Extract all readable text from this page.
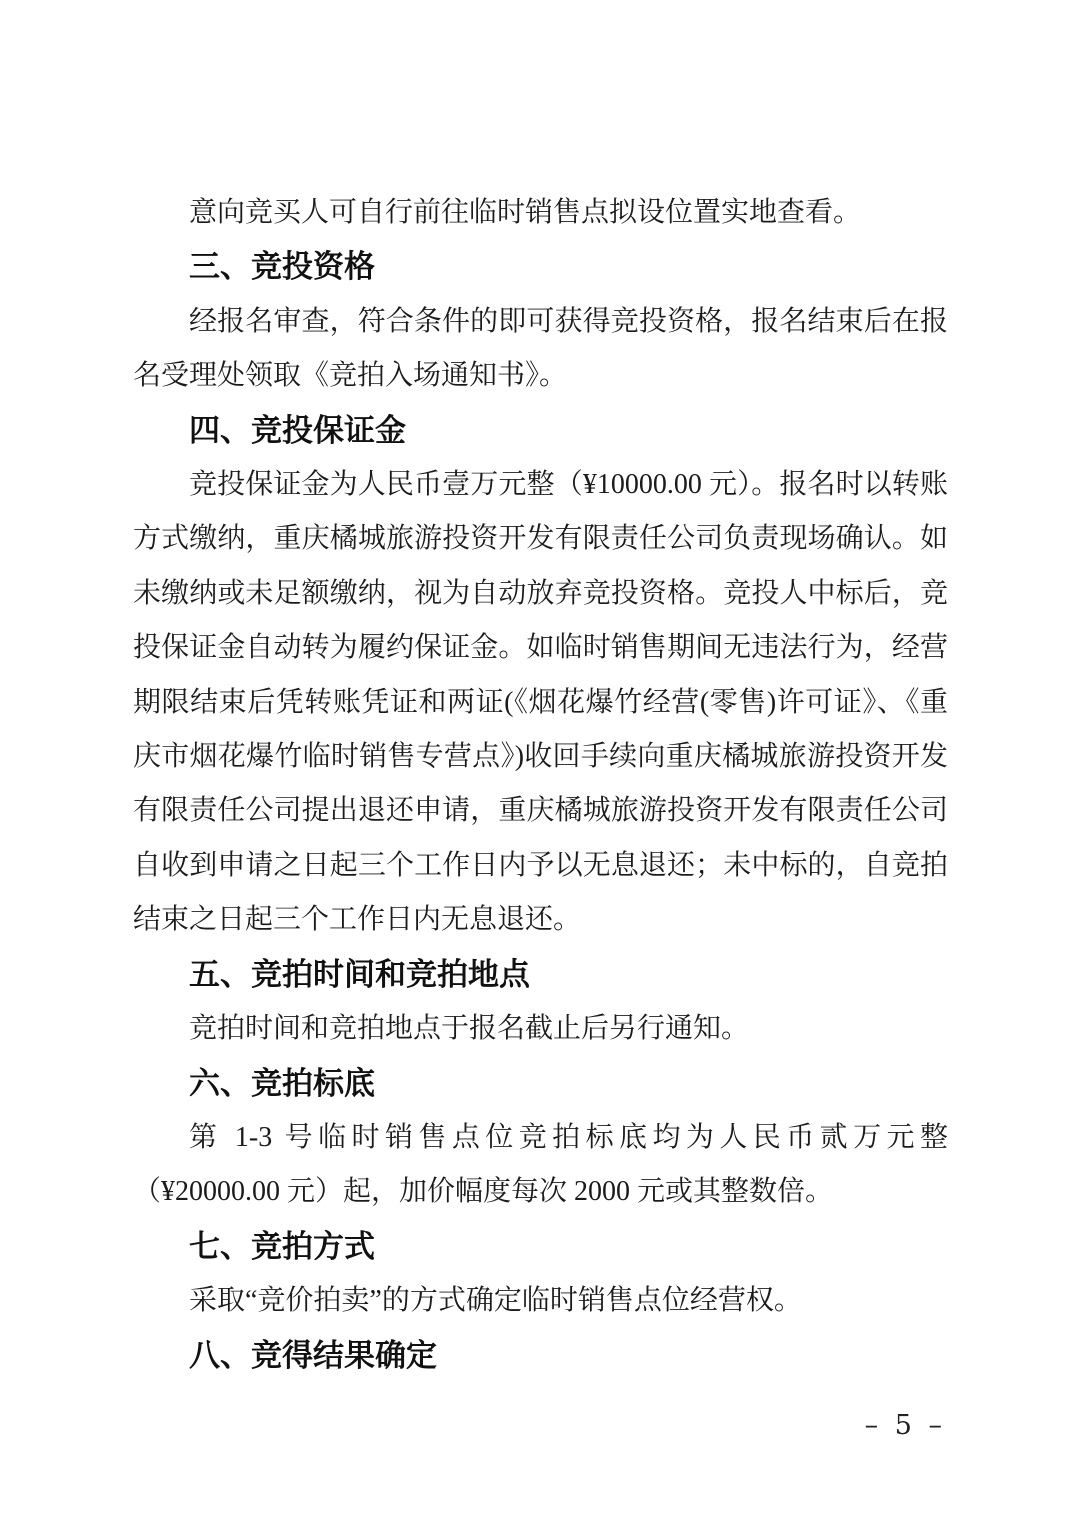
意向竞买人可自行前往临时销售点拟设位置实地查看。

三、竞投资格

经报名审查，符合条件的即可获得竞投资格，报名结束后在报名受理处领取《竞拍入场通知书》。

四、竞投保证金

竞投保证金为人民币壹万元整（¥10000.00 元）。报名时以转账方式缴纳，重庆橘城旅游投资开发有限责任公司负责现场确认。如未缴纳或未足额缴纳，视为自动放弃竞投资格。竞投人中标后，竞投保证金自动转为履约保证金。如临时销售期间无违法行为，经营期限结束后凭转账凭证和两证(《烟花爆竹经营(零售)许可证》、《重庆市烟花爆竹临时销售专营点》)收回手续向重庆橘城旅游投资开发有限责任公司提出退还申请，重庆橘城旅游投资开发有限责任公司自收到申请之日起三个工作日内予以无息退还；未中标的，自竞拍结束之日起三个工作日内无息退还。

五、竞拍时间和竞拍地点

竞拍时间和竞拍地点于报名截止后另行通知。

六、竞拍标底

第 1-3 号临时销售点位竞拍标底均为人民币贰万元整（¥20000.00 元）起，加价幅度每次 2000 元或其整数倍。

七、竞拍方式

采取“竞价拍卖”的方式确定临时销售点位经营权。

八、竞得结果确定

– 5 –
